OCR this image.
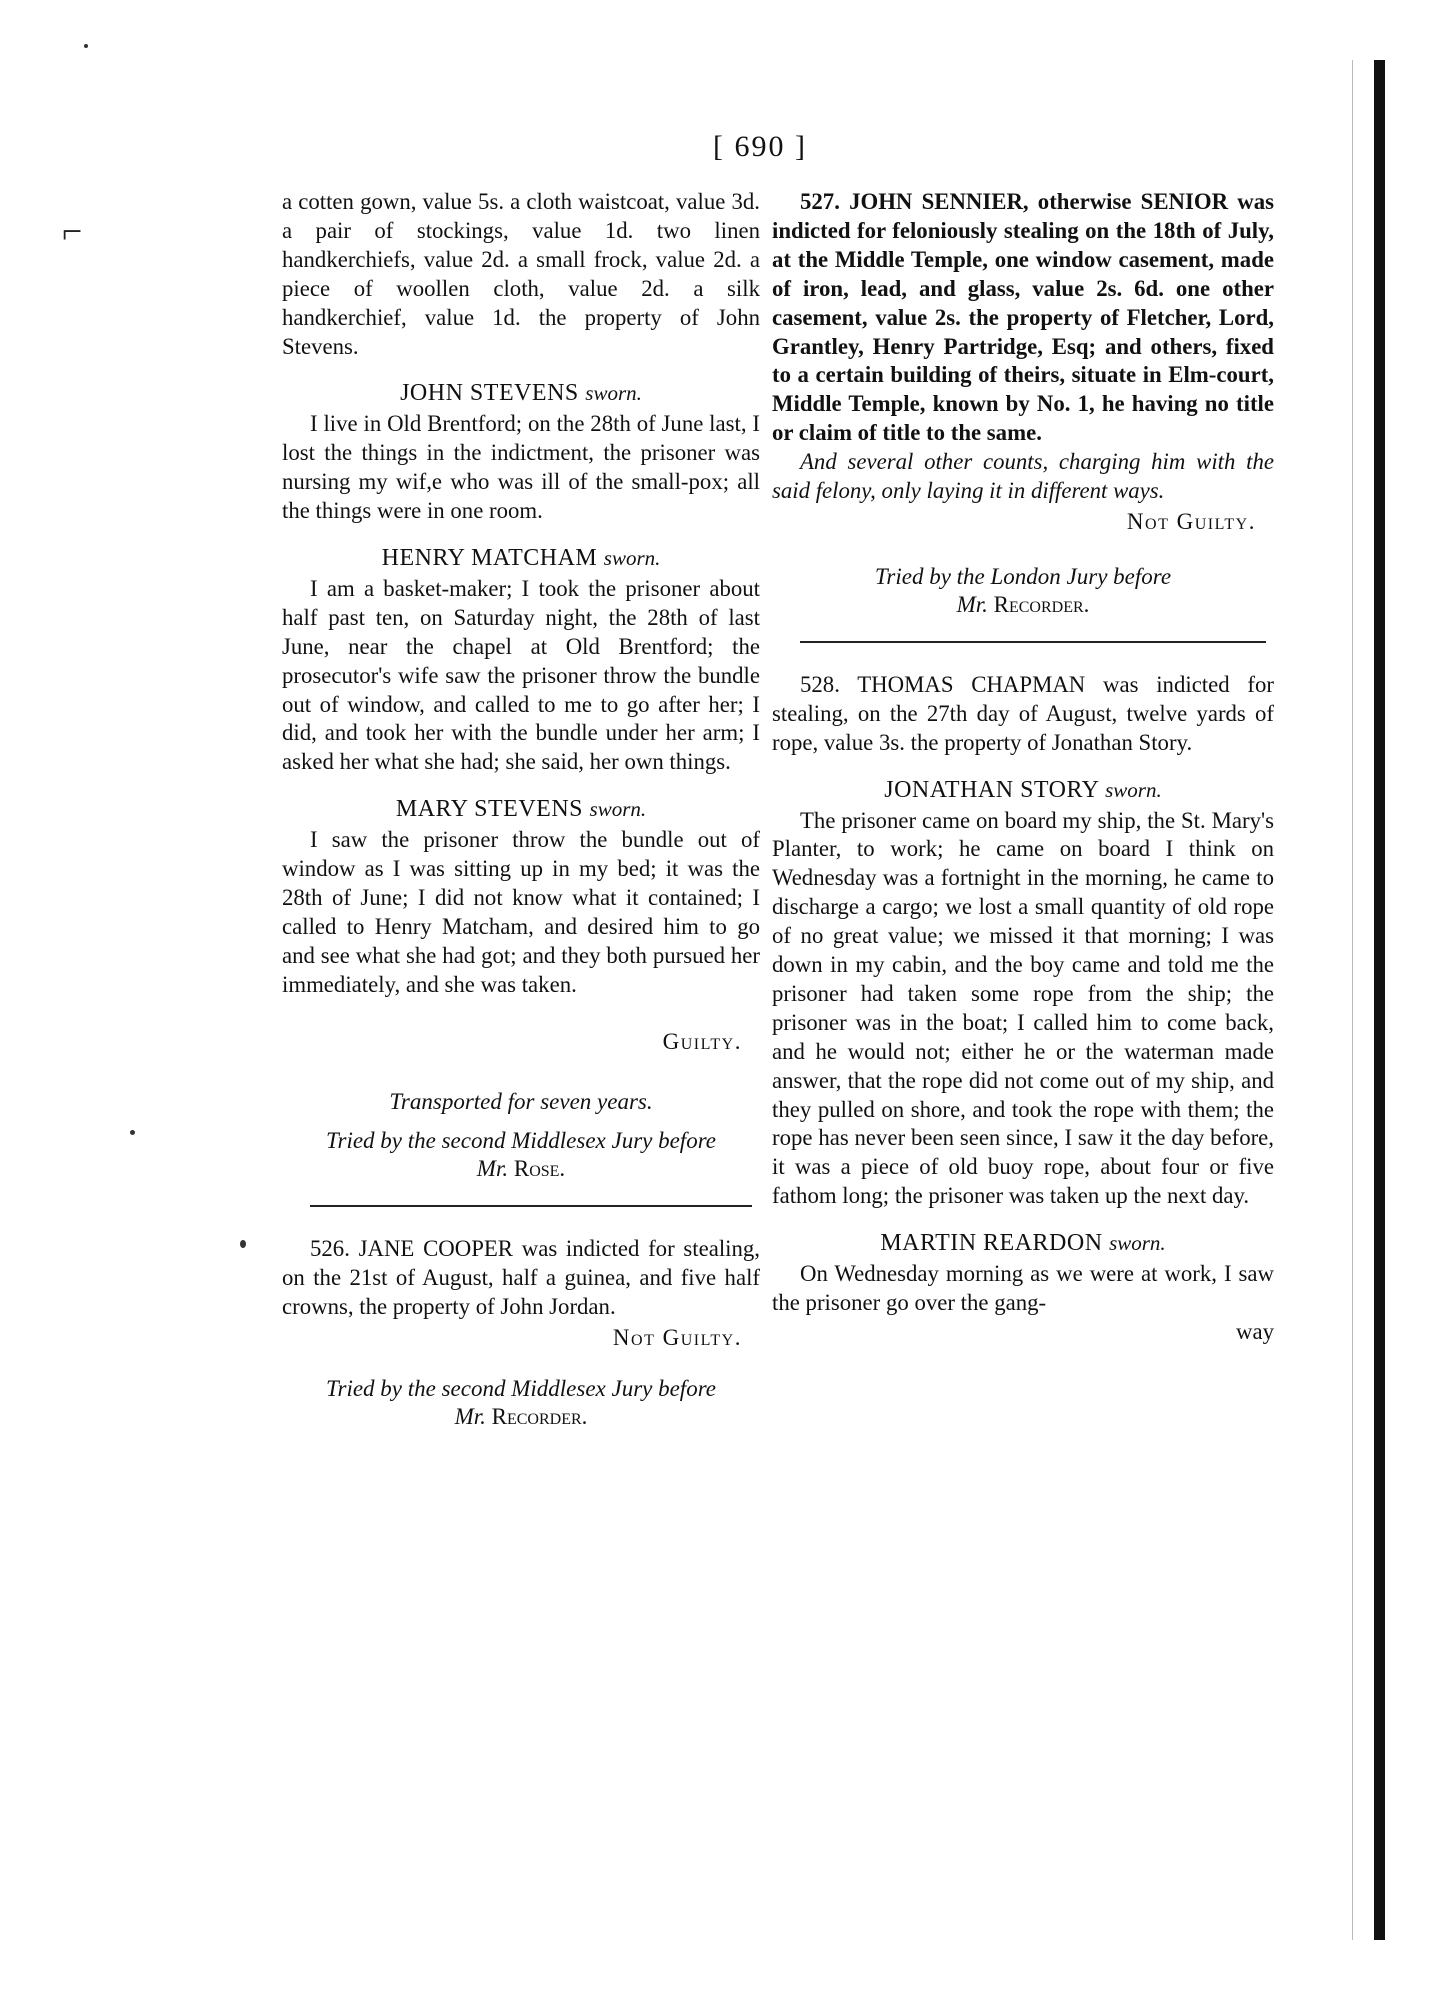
⌐
[ 690 ]

a cotten gown, value 5s. a cloth waistcoat, value 3d. a pair of stockings, value 1d. two linen handkerchiefs, value 2d. a small frock, value 2d. a piece of woollen cloth, value 2d. a silk handkerchief, value 1d. the property of John Stevens.

JOHN STEVENS sworn.

I live in Old Brentford; on the 28th of June last, I lost the things in the indictment, the prisoner was nursing my wif,e who was ill of the small-pox; all the things were in one room.

HENRY MATCHAM sworn.

I am a basket-maker; I took the prisoner about half past ten, on Saturday night, the 28th of last June, near the chapel at Old Brentford; the prosecutor's wife saw the prisoner throw the bundle out of window, and called to me to go after her; I did, and took her with the bundle under her arm; I asked her what she had; she said, her own things.

MARY STEVENS sworn.

I saw the prisoner throw the bundle out of window as I was sitting up in my bed; it was the 28th of June; I did not know what it contained; I called to Henry Matcham, and desired him to go and see what she had got; and they both pursued her immediately, and she was taken.

Guilty.
Transported for seven years.
Tried by the second Middlesex Jury before
Mr. Rose.

526. JANE COOPER was indicted for stealing, on the 21st of August, half a guinea, and five half crowns, the property of John Jordan.

Not Guilty.
Tried by the second Middlesex Jury before
Mr. Recorder.

527. JOHN SENNIER, otherwise SENIOR was indicted for feloniously stealing on the 18th of July, at the Middle Temple, one window casement, made of iron, lead, and glass, value 2s. 6d. one other casement, value 2s. the property of Fletcher, Lord, Grantley, Henry Partridge, Esq; and others, fixed to a certain building of theirs, situate in Elm-court, Middle Temple, known by No. 1, he having no title or claim of title to the same.

And several other counts, charging him with the said felony, only laying it in different ways.

Not Guilty.
Tried by the London Jury before
Mr. Recorder.

528. THOMAS CHAPMAN was indicted for stealing, on the 27th day of August, twelve yards of rope, value 3s. the property of Jonathan Story.

JONATHAN STORY sworn.

The prisoner came on board my ship, the St. Mary's Planter, to work; he came on board I think on Wednesday was a fortnight in the morning, he came to discharge a cargo; we lost a small quantity of old rope of no great value; we missed it that morning; I was down in my cabin, and the boy came and told me the prisoner had taken some rope from the ship; the prisoner was in the boat; I called him to come back, and he would not; either he or the waterman made answer, that the rope did not come out of my ship, and they pulled on shore, and took the rope with them; the rope has never been seen since, I saw it the day before, it was a piece of old buoy rope, about four or five fathom long; the prisoner was taken up the next day.

MARTIN REARDON sworn.

On Wednesday morning as we were at work, I saw the prisoner go over the gang-

way
